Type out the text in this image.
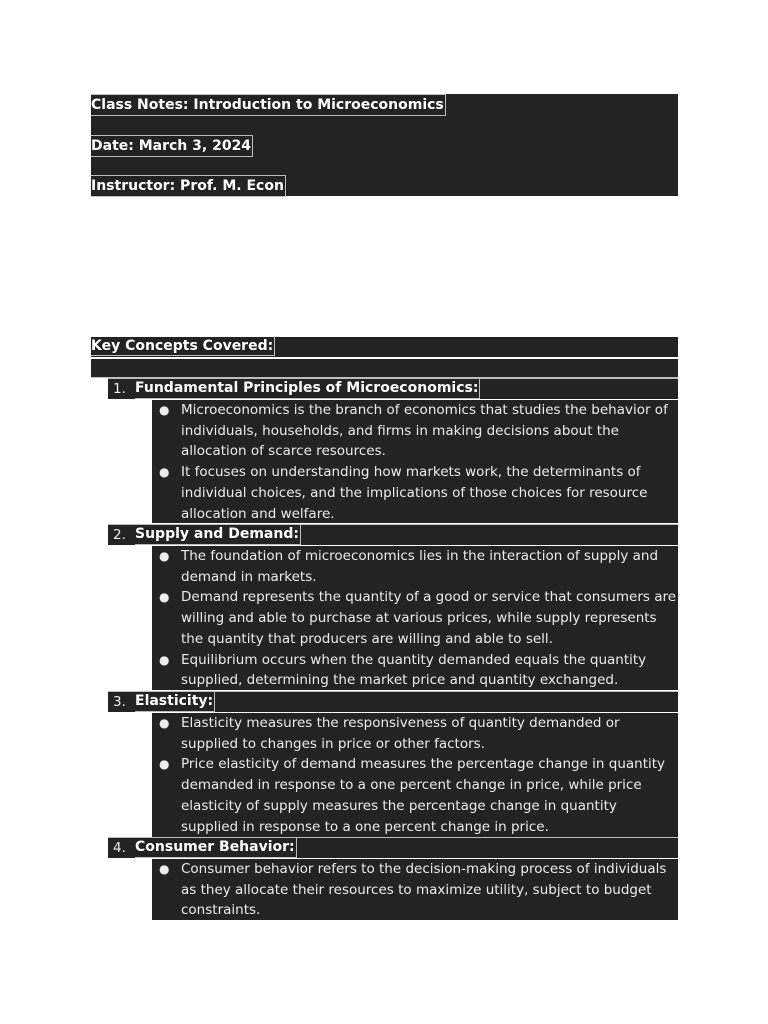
Class Notes: Introduction to Microeconomics
Date: March 3, 2024
Instructor: Prof. M. Econ
Key Concepts Covered:
1. Fundamental Principles of Microeconomics:
● Microeconomics is the branch of economics that studies the behavior of individuals, households, and firms in making decisions about the allocation of scarce resources.
● It focuses on understanding how markets work, the determinants of individual choices, and the implications of those choices for resource allocation and welfare.
2. Supply and Demand:
● The foundation of microeconomics lies in the interaction of supply and demand in markets.
● Demand represents the quantity of a good or service that consumers are willing and able to purchase at various prices, while supply represents the quantity that producers are willing and able to sell.
● Equilibrium occurs when the quantity demanded equals the quantity supplied, determining the market price and quantity exchanged.
3. Elasticity:
● Elasticity measures the responsiveness of quantity demanded or supplied to changes in price or other factors.
● Price elasticity of demand measures the percentage change in quantity demanded in response to a one percent change in price, while price elasticity of supply measures the percentage change in quantity supplied in response to a one percent change in price.
4. Consumer Behavior:
● Consumer behavior refers to the decision-making process of individuals as they allocate their resources to maximize utility, subject to budget constraints.
